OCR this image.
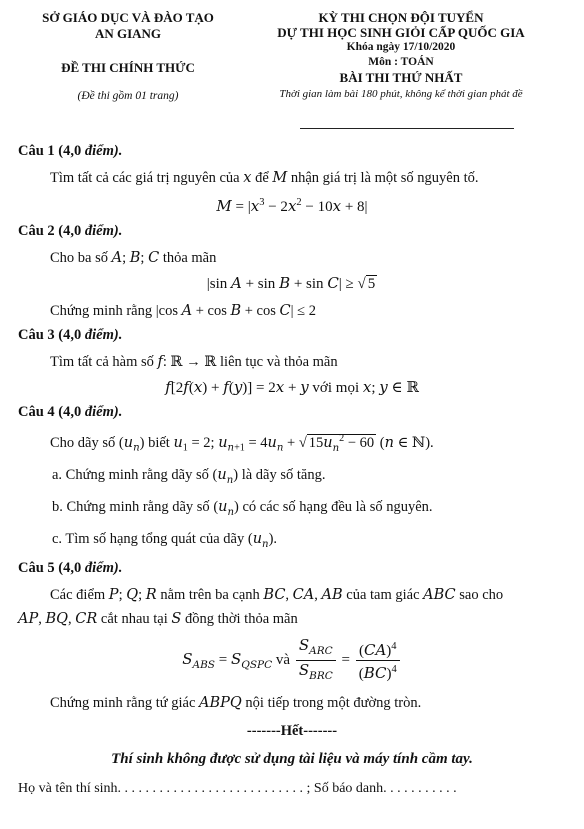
SỞ GIÁO DỤC VÀ ĐÀO TẠO
AN GIANG
ĐỀ THI CHÍNH THỨC
(Đề thi gồm 01 trang)
KỲ THI CHỌN ĐỘI TUYỂN
DỰ THI HỌC SINH GIỎI CẤP QUỐC GIA
Khóa ngày 17/10/2020
Môn : TOÁN
BÀI THI THỨ NHẤT
Thời gian làm bài 180 phút, không kể thời gian phát đề
Câu 1 (4,0 điểm).
Tìm tất cả các giá trị nguyên của x để M nhận giá trị là một số nguyên tố.
$M = |x^3 - 2x^2 - 10x + 8|$
Câu 2 (4,0 điểm).
Cho ba số A; B; C thỏa mãn
|sin A + sin B + sin C| ≥ √ 5
Chứng minh rằng |cos A + cos B + cos C| ≤ 2
Câu 3 (4,0 điểm).
Tìm tất cả hàm số f: ℝ → ℝ liên tục và thỏa mãn
f[2f(x) + f(y)] = 2x + y với mọi x; y ∈ ℝ
Câu 4 (4,0 điểm).
Cho dãy số $(u_n)$ biết $u_1 = 2$; $u_{n+1} = 4u_n$ + √ $15u_n^2 - 60$ (n ∈ ℕ).
a. Chứng minh rằng dãy số $(u_n)$ là dãy số tăng.
b. Chứng minh rằng dãy số $(u_n)$ có các số hạng đều là số nguyên.
c. Tìm số hạng tổng quát của dãy $(u_n)$.
Câu 5 (4,0 điểm).
Các điểm P; Q; R nằm trên ba cạnh BC, CA, AB của tam giác ABC sao cho
AP, BQ, CR cắt nhau tại S đồng thời thỏa mãn
$S_{ABS} = S_{QSPC}$ và $\frac{S_{ARC}}{S_{BRC}} = \frac{(CA)^4}{(BC)^4}$
Chứng minh rằng tứ giác ABPQ nội tiếp trong một đường tròn.
-------Hết-------
Thí sinh không được sử dụng tài liệu và máy tính cầm tay.
Họ và tên thí sinh. . . . . . . . . . . . . . . . . . . . . . . . . . . ; Số báo danh. . . . . . . . . . .
